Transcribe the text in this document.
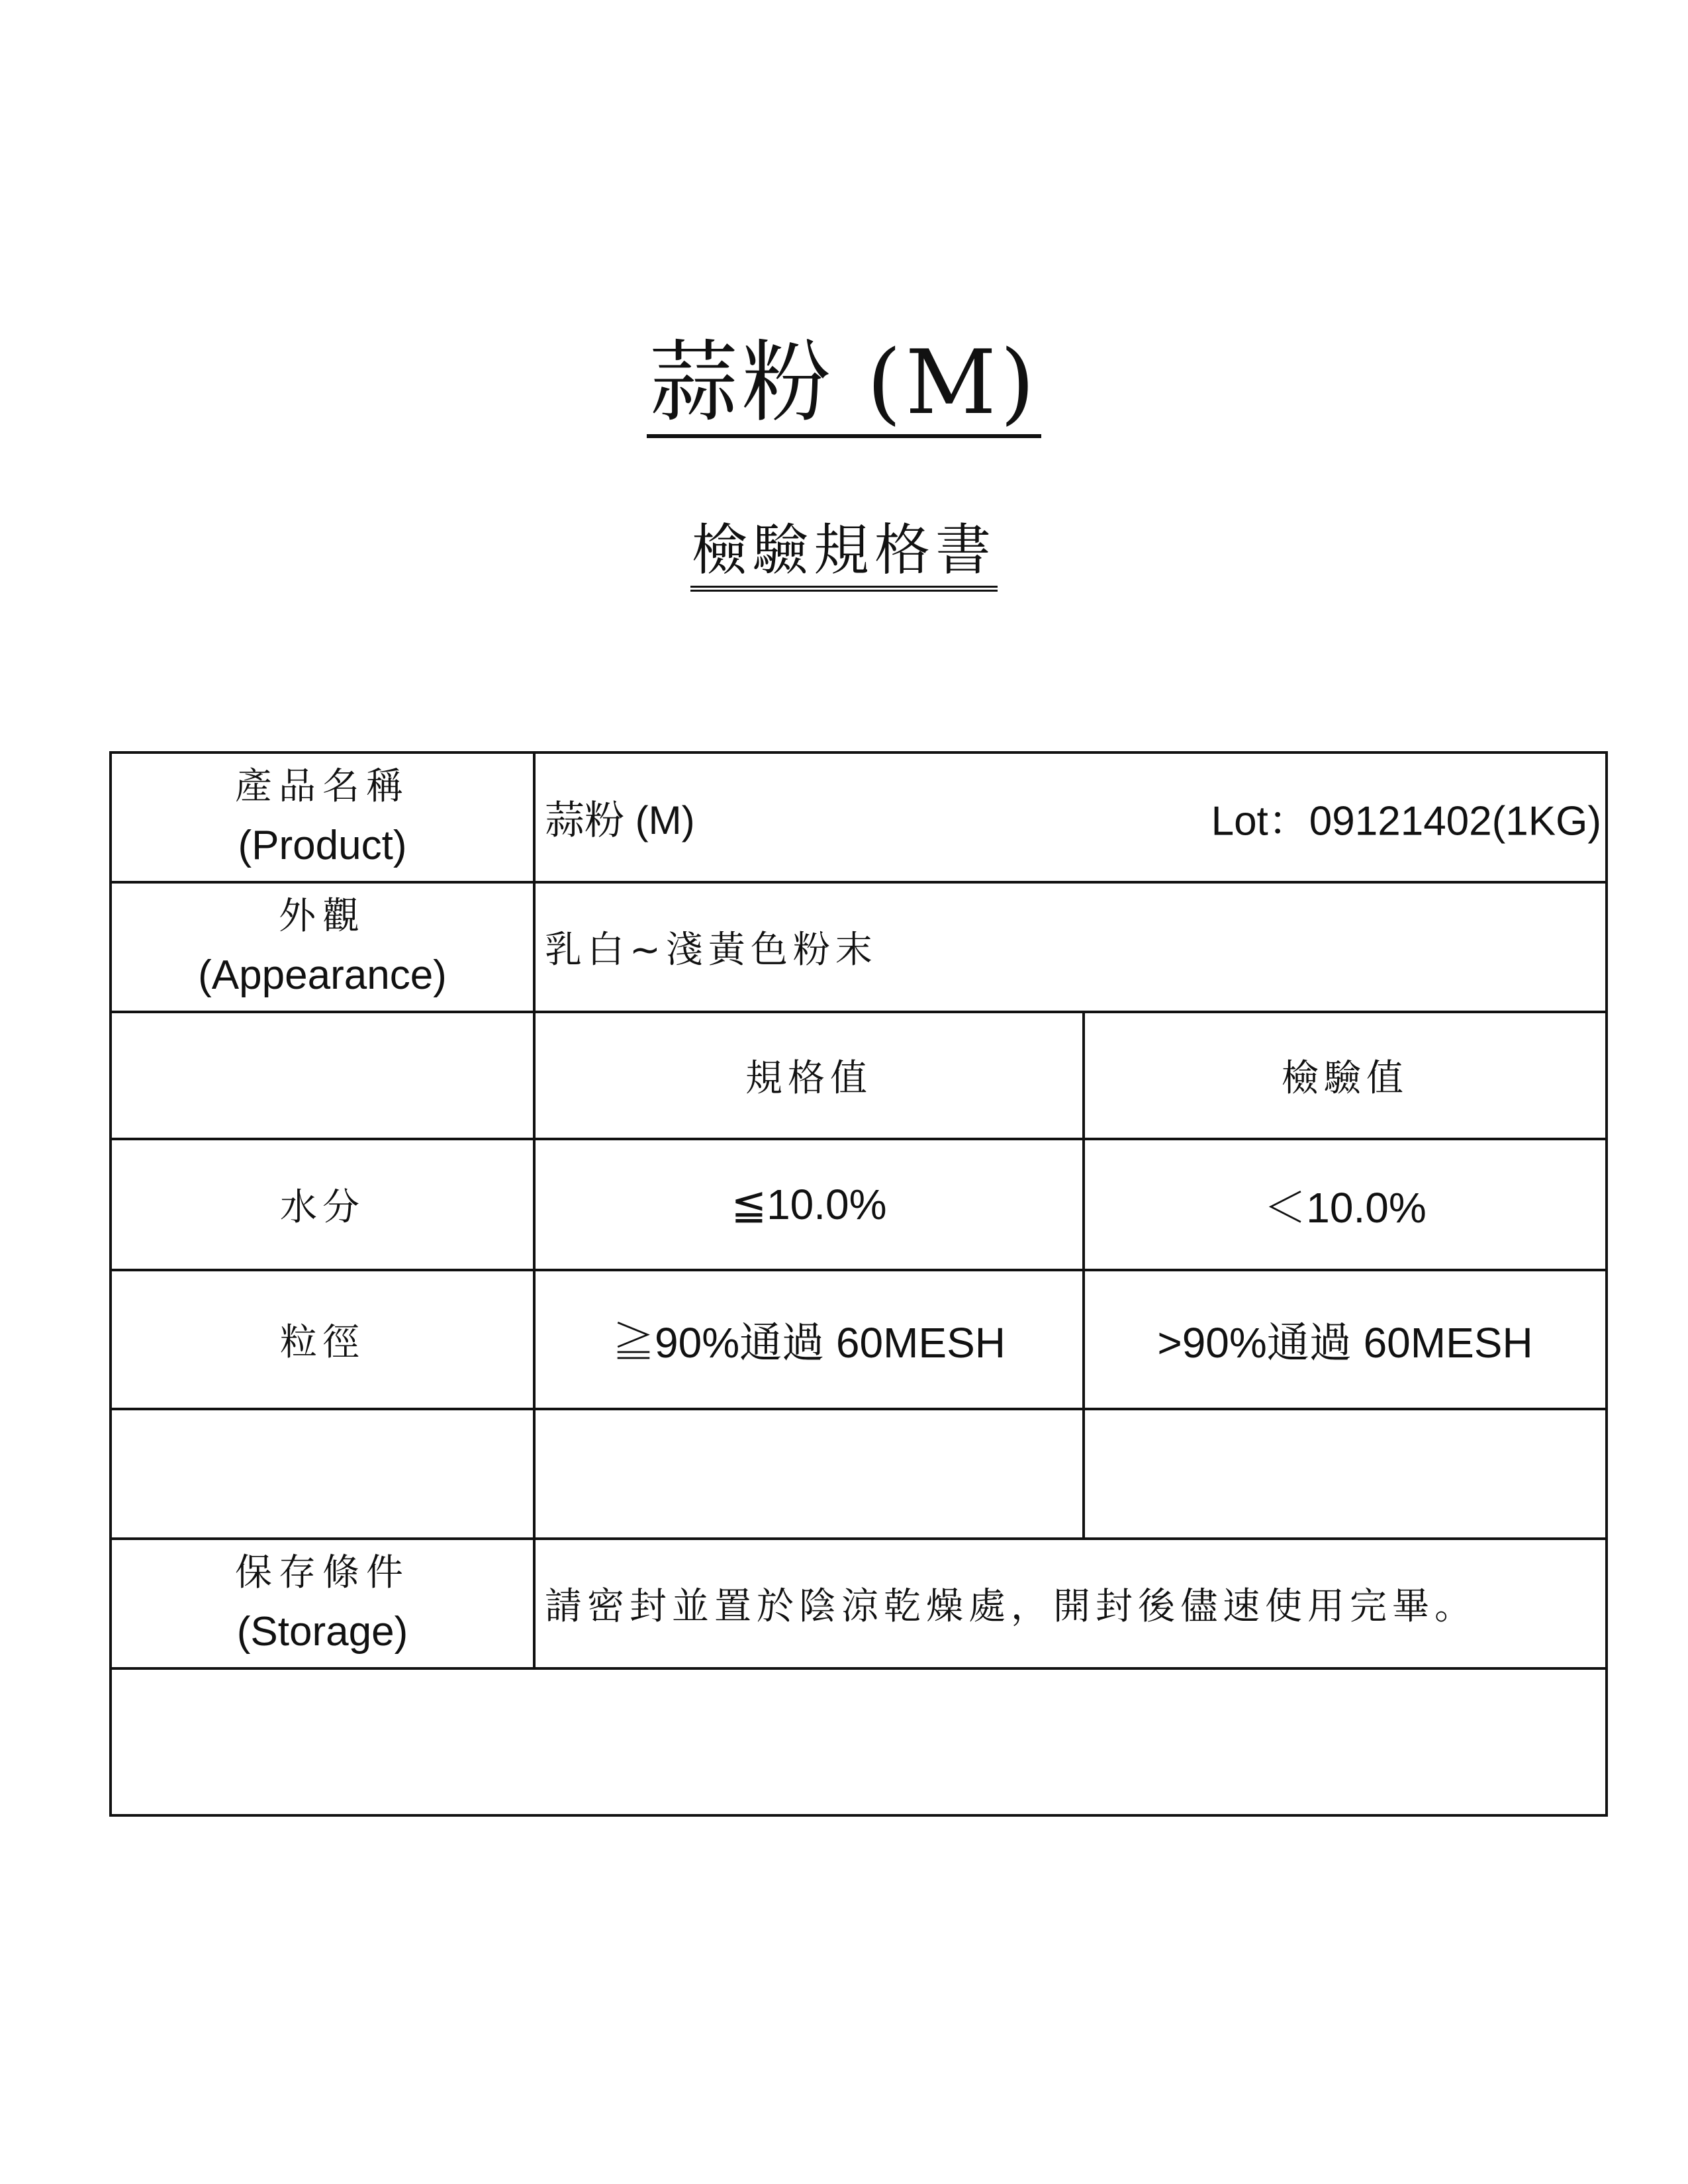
蒜粉 (M)
檢驗規格書
產品名稱
(Product)	蒜粉 (M) Lot：09121402(1KG)	

外觀
(Appearance)	乳白~淺黃色粉末	
	規格值	檢驗值
水分	≦10.0%	＜10.0%
粒徑	≧90%通過 60MESH	>90%通過 60MESH

保存條件
(Storage)	請密封並置於陰涼乾燥處，開封後儘速使用完畢。	
